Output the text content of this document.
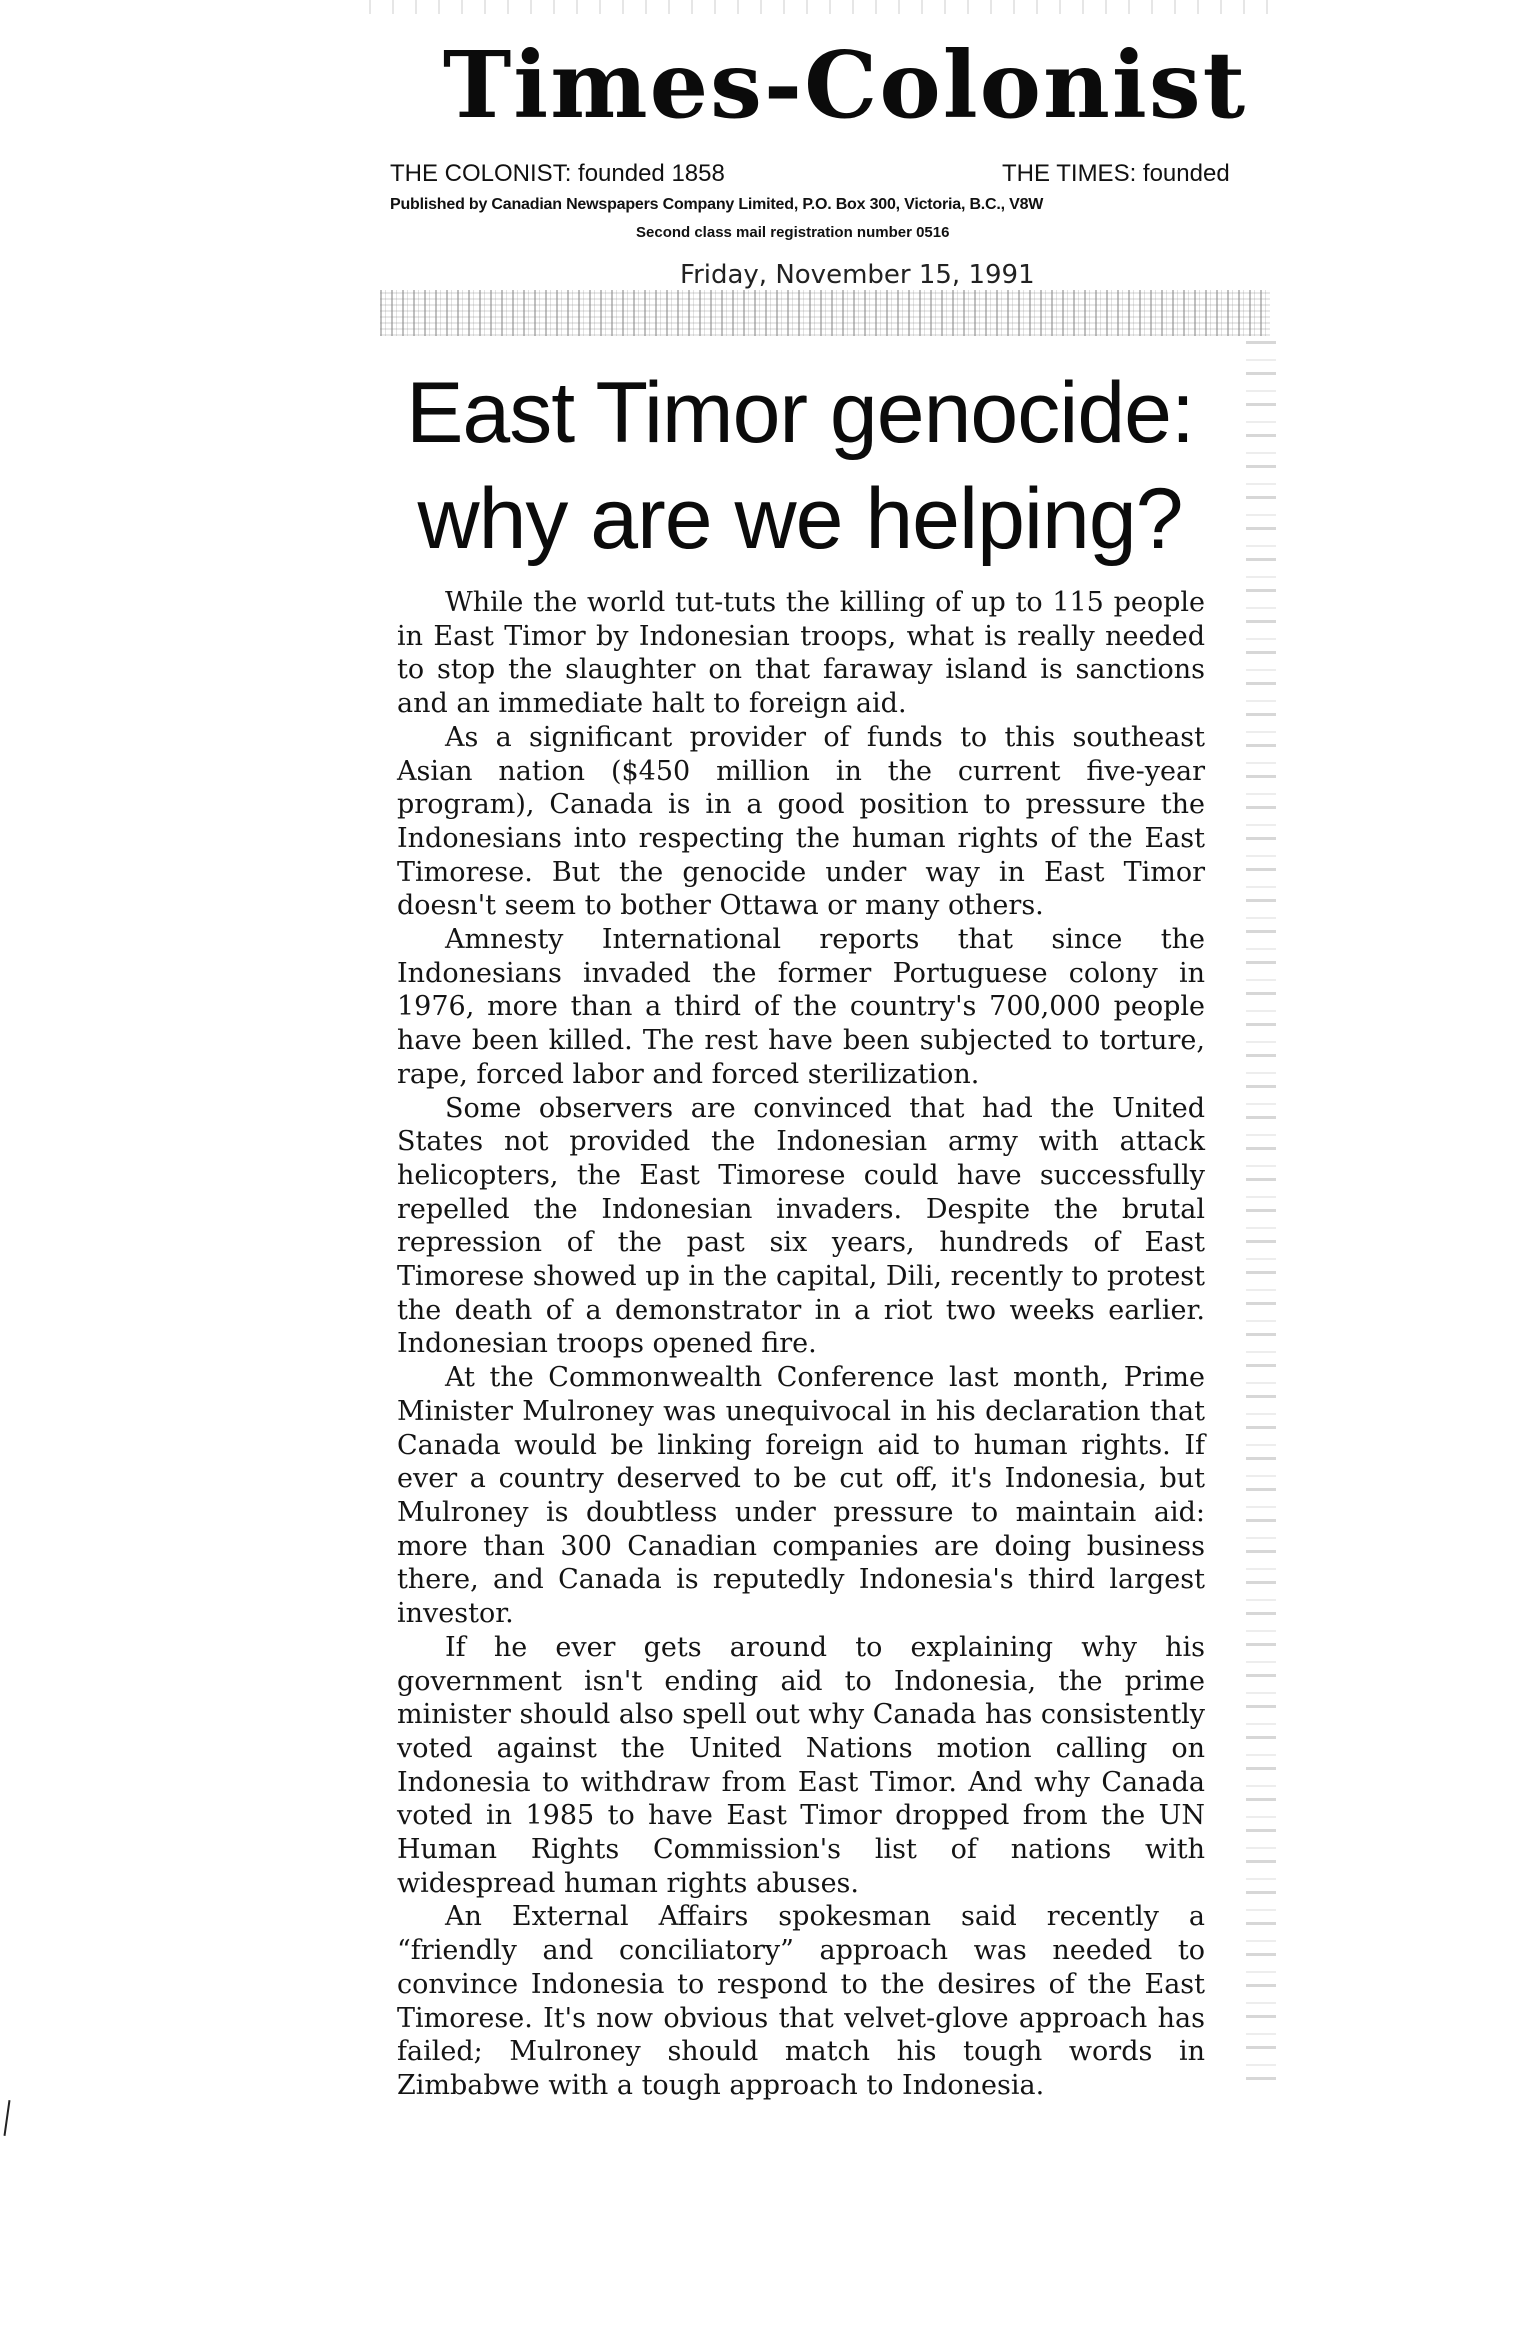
Times-Colonist
THE COLONIST: founded 1858	THE TIMES: founded
Published by Canadian Newspapers Company Limited, P.O. Box 300, Victoria, B.C., V8W
Second class mail registration number 0516
Friday, November 15, 1991
East Timor genocide:
why are we helping?

While the world tut-tuts the killing of up to 115 people in East Timor by Indonesian troops, what is really needed to stop the slaughter on that faraway island is sanctions and an immediate halt to foreign aid.

As a significant provider of funds to this southeast Asian nation ($450 million in the current five-year program), Canada is in a good position to pressure the Indonesians into respecting the human rights of the East Timorese. But the genocide under way in East Timor doesn't seem to bother Ottawa or many others.

Amnesty International reports that since the Indonesians invaded the former Portuguese colony in 1976, more than a third of the country's 700,000 people have been killed. The rest have been subjected to torture, rape, forced labor and forced sterilization.

Some observers are convinced that had the United States not provided the Indonesian army with attack helicopters, the East Timorese could have successfully repelled the Indonesian invaders. Despite the brutal repression of the past six years, hundreds of East Timorese showed up in the capital, Dili, recently to protest the death of a demonstrator in a riot two weeks earlier. Indonesian troops opened fire.

At the Commonwealth Conference last month, Prime Minister Mulroney was unequivocal in his declaration that Canada would be linking foreign aid to human rights. If ever a country deserved to be cut off, it's Indonesia, but Mulroney is doubtless under pressure to maintain aid: more than 300 Canadian companies are doing business there, and Canada is reputedly Indonesia's third largest investor.

If he ever gets around to explaining why his government isn't ending aid to Indonesia, the prime minister should also spell out why Canada has consistently voted against the United Nations motion calling on Indonesia to withdraw from East Timor. And why Canada voted in 1985 to have East Timor dropped from the UN Human Rights Commission's list of nations with widespread human rights abuses.

An External Affairs spokesman said recently a “friendly and conciliatory” approach was needed to convince Indonesia to respond to the desires of the East Timorese. It's now obvious that velvet-glove approach has failed; Mulroney should match his tough words in Zimbabwe with a tough approach to Indonesia.
